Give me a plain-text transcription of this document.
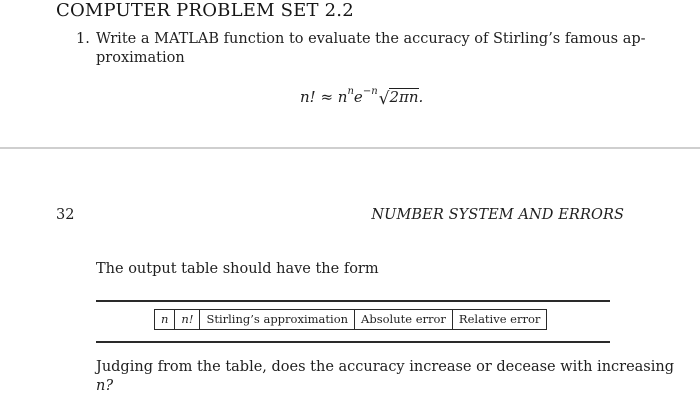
COMPUTER PROBLEM SET 2.2
1. Write a MATLAB function to evaluate the accuracy of Stirling’s famous ap-
proximation
n! ≈ $n^ne^{-n}√2\pi n$.
32	NUMBER SYSTEM AND ERRORS
The output table should have the form
n	n!	Stirling’s approximation	Absolute error	Relative error
Judging from the table, does the accuracy increase or decease with increasing
n?
